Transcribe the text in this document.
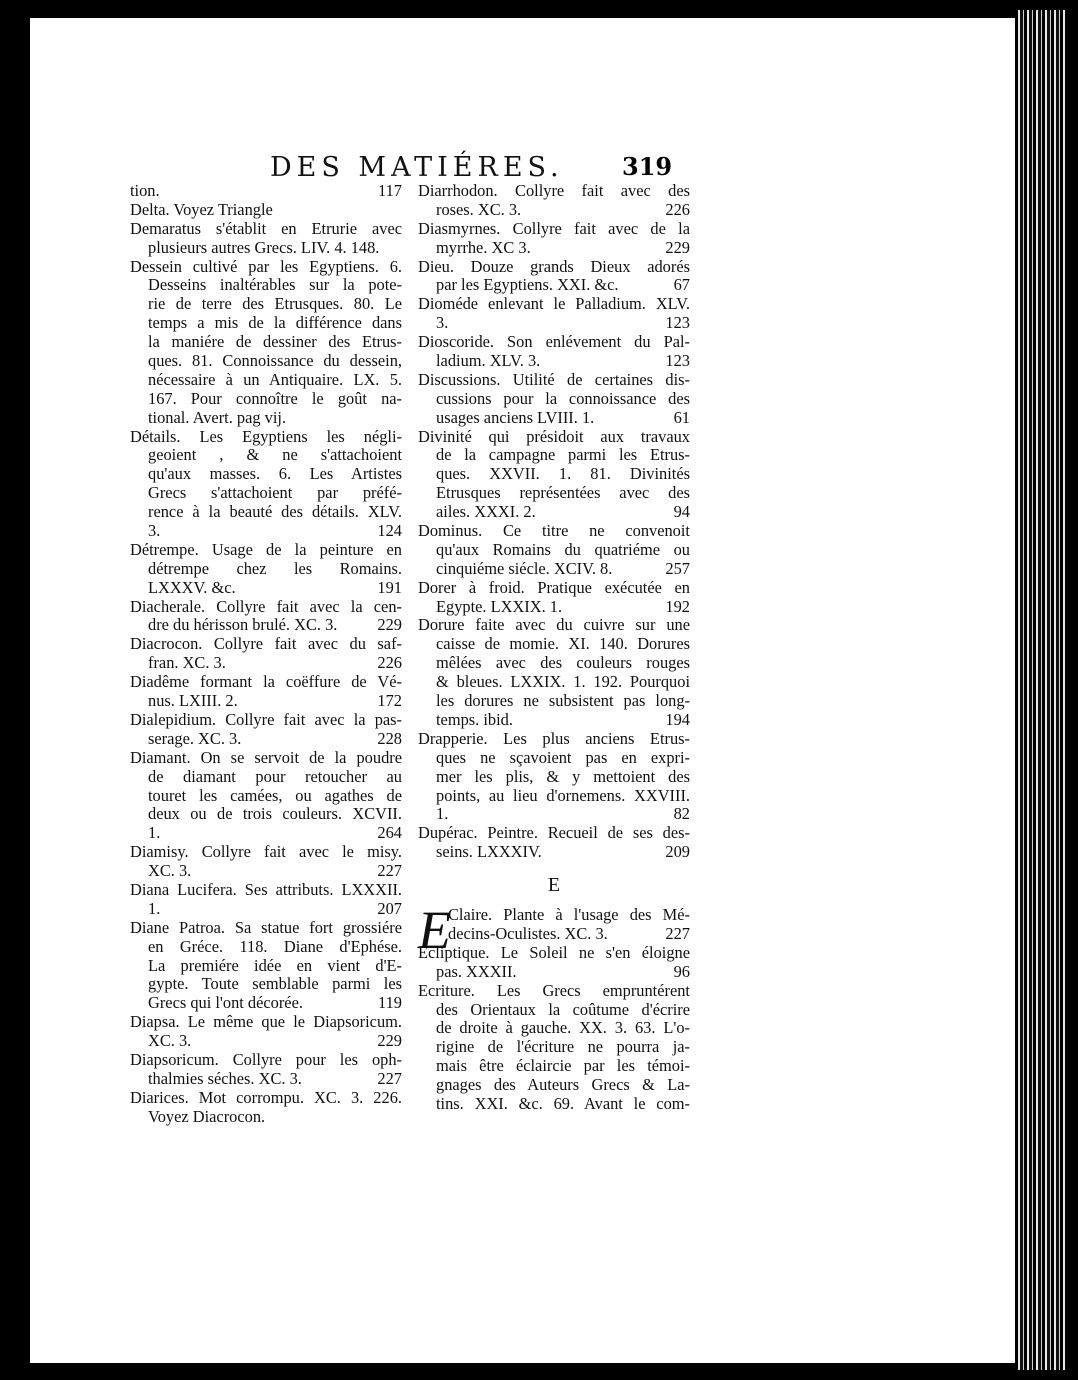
DES MATIÉRES.	319
tion.	117
Delta. Voyez Triangle
Demaratus s'établit en Etrurie avec
plusieurs autres Grecs. LIV. 4. 148.
Dessein cultivé par les Egyptiens. 6.
Desseins inaltérables sur la pote-
rie de terre des Etrusques. 80. Le
temps a mis de la différence dans
la maniére de dessiner des Etrus-
ques. 81. Connoissance du dessein,
nécessaire à un Antiquaire. LX. 5.
167. Pour connoître le goût na-
tional. Avert. pag vij.
Détails. Les Egyptiens les négli-
geoient , & ne s'attachoient
qu'aux masses. 6. Les Artistes
Grecs s'attachoient par préfé-
rence à la beauté des détails. XLV.
3.	124
Détrempe. Usage de la peinture en
détrempe chez les Romains.
LXXXV. &c.	191
Diacherale. Collyre fait avec la cen-
dre du hérisson brulé. XC. 3.	229
Diacrocon. Collyre fait avec du saf-
fran. XC. 3.	226
Diadême formant la coëffure de Vé-
nus. LXIII. 2.	172
Dialepidium. Collyre fait avec la pas-
serage. XC. 3.	228
Diamant. On se servoit de la poudre
de diamant pour retoucher au
touret les camées, ou agathes de
deux ou de trois couleurs. XCVII.
1.	264
Diamisy. Collyre fait avec le misy.
XC. 3.	227
Diana Lucifera. Ses attributs. LXXXII.
1.	207
Diane Patroa. Sa statue fort grossiére
en Gréce. 118. Diane d'Ephése.
La premiére idée en vient d'E-
gypte. Toute semblable parmi les
Grecs qui l'ont décorée.	119
Diapsa. Le même que le Diapsoricum.
XC. 3.	229
Diapsoricum. Collyre pour les oph-
thalmies séches. XC. 3.	227
Diarices. Mot corrompu. XC. 3. 226.
Voyez Diacrocon.
Diarrhodon. Collyre fait avec des
roses. XC. 3.	226
Diasmyrnes. Collyre fait avec de la
myrrhe. XC 3.	229
Dieu. Douze grands Dieux adorés
par les Egyptiens. XXI. &c.	67
Dioméde enlevant le Palladium. XLV.
3.	123
Dioscoride. Son enlévement du Pal-
ladium. XLV. 3.	123
Discussions. Utilité de certaines dis-
cussions pour la connoissance des
usages anciens LVIII. 1.	61
Divinité qui présidoit aux travaux
de la campagne parmi les Etrus-
ques. XXVII. 1. 81. Divinités
Etrusques représentées avec des
ailes. XXXI. 2.	94
Dominus. Ce titre ne convenoit
qu'aux Romains du quatriéme ou
cinquiéme siécle. XCIV. 8.	257
Dorer à froid. Pratique exécutée en
Egypte. LXXIX. 1.	192
Dorure faite avec du cuivre sur une
caisse de momie. XI. 140. Dorures
mêlées avec des couleurs rouges
& bleues. LXXIX. 1. 192. Pourquoi
les dorures ne subsistent pas long-
temps. ibid.	194
Drapperie. Les plus anciens Etrus-
ques ne sçavoient pas en expri-
mer les plis, & y mettoient des
points, au lieu d'ornemens. XXVIII.
1.	82
Dupérac. Peintre. Recueil de ses des-
seins. LXXXIV.	209
E
E
Claire. Plante à l'usage des Mé-
decins-Oculistes. XC. 3.	227
Ecliptique. Le Soleil ne s'en éloigne
pas. XXXII.	96
Ecriture. Les Grecs empruntérent
des Orientaux la coûtume d'écrire
de droite à gauche. XX. 3. 63. L'o-
rigine de l'écriture ne pourra ja-
mais être éclaircie par les témoi-
gnages des Auteurs Grecs & La-
tins. XXI. &c. 69. Avant le com-
